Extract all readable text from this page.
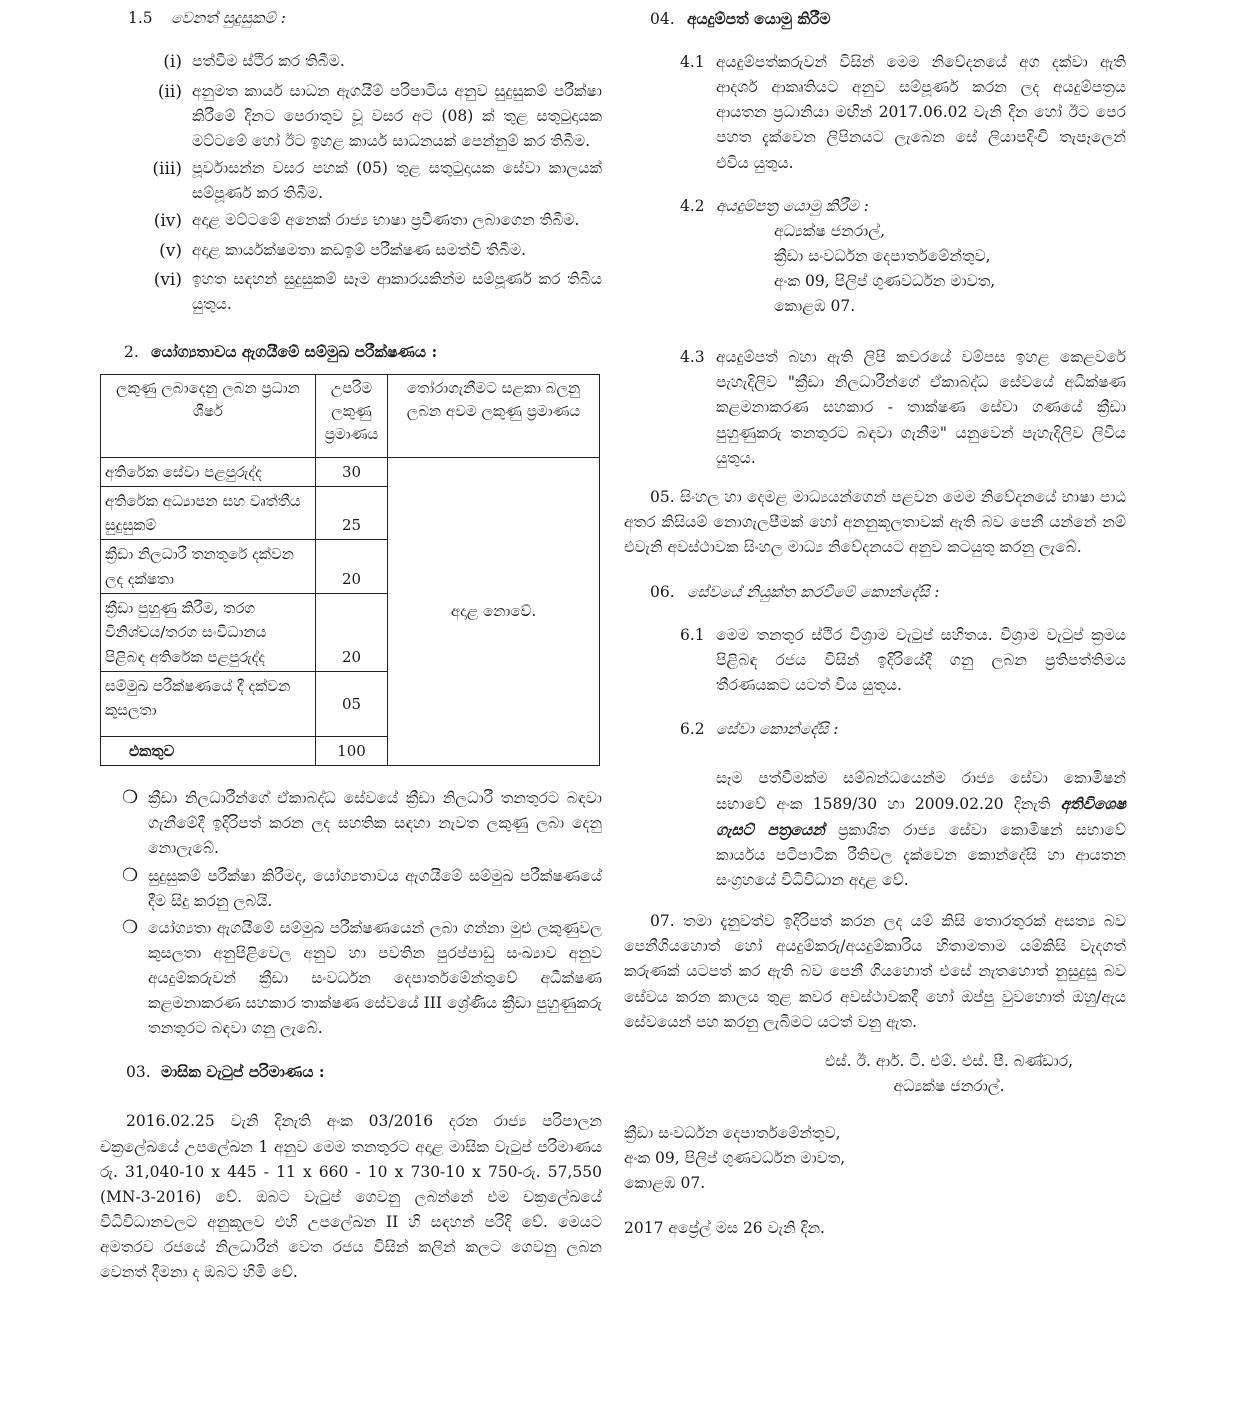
1.5 වෙනත් සුදුසුකම් :

(i) පත්වීම ස්ථිර කර තිබීම.
(ii) අනුමත කාර්ය සාධන ඇගයීම් පරිපාටිය අනුව සුදුසුකම් පරීක්ෂා කිරීමේ දිනට පෙරාතුව වූ වසර අට (08) ක් තුළ සතුටුදායක මට්ටමේ හෝ ඊට ඉහළ කාර්ය සාධනයක් පෙන්නුම් කර තිබීම.
(iii) පූර්වාසන්න වසර පහක් (05) තුළ සතුටුදායක සේවා කාලයක් සම්පූර්ණ කර තිබීම.
(iv) අදාළ මට්ටමේ අනෙක් රාජ්‍ය භාෂා ප්‍රවීණතා ලබාගෙන තිබීම.
(v) අදාළ කාර්යක්ෂමතා කඩඉම් පරීක්ෂණ සමත්වී තිබීම.
(vi) ඉහත සඳහන් සුදුසුකම් සෑම ආකාරයකින්ම සම්පූර්ණ කර තිබිය යුතුය.

2. යෝග්‍යතාවය ඇගයීමේ සම්මුඛ පරීක්ෂණය :

ලකුණු ලබාදෙනු ලබන ප්‍රධාන ශීර්ෂ	උපරිම ලකුණු ප්‍රමාණය	තෝරාගැනීමට සළකා බලනු ලබන අවම ලකුණු ප්‍රමාණය
අතිරේක සේවා පළපුරුද්ද	30	අදාළ නොවේ.
අතිරේක අධ්‍යාපන සහ වෘත්තීය සුදුසුකම්	25	
ක්‍රීඩා නිලධාරී තනතුරේ දක්වන ලද දක්ෂතා	20	
ක්‍රීඩා පුහුණු කිරීම, තරග විනිශ්චය/තරග සංවිධානය පිළිබඳ අතිරේක පළපුරුද්ද	20	
සම්මුඛ පරීක්ෂණයේ දී දක්වන කුසලතා	05	
එකතුව	100	
❍ ක්‍රීඩා නිලධාරීන්ගේ ඒකාබද්ධ සේවයේ ක්‍රීඩා නිලධාරී තනතුරට බඳවා ගැනීමේදී ඉදිරිපත් කරන ලද සහතික සඳහා නැවත ලකුණු ලබා දෙනු නොලැබේ.
❍ සුදුසුකම් පරීක්ෂා කිරීමද, යෝග්‍යතාවය ඇගයීමේ සම්මුඛ පරීක්ෂණයේ දීම සිදු කරනු ලබයි.
❍ යෝග්‍යතා ඇගයීමේ සම්මුඛ පරීක්ෂණයෙන් ලබා ගන්නා මුළු ලකුණුවල කුසලතා අනුපිළිවෙල අනුව හා පවතින පුරප්පාඩු සංඛ්‍යාව අනුව අයදුම්කරුවන් ක්‍රීඩා සංවර්ධන දෙපාර්තමේන්තුවේ අධීක්ෂණ කළමනාකරණ සහකාර තාක්ෂණ සේවයේ III ශ්‍රේණිය ක්‍රීඩා පුහුණුකරු තනතුරට බඳවා ගනු ලැබේ.

03. මාසික වැටුප් පරිමාණය :

2016.02.25 වැනි දිනැති අංක 03/2016 දරන රාජ්‍ය පරිපාලන චක්‍රලේඛයේ උපලේඛන 1 අනුව මෙම තනතුරට අදාළ මාසික වැටුප් පරිමාණය රු. 31,040-10 x 445 - 11 x 660 - 10 x 730-10 x 750-රු. 57,550 (MN-3-2016) වේ. ඔබට වැටුප් ගෙවනු ලබන්නේ එම චක්‍රලේඛයේ විධිවිධානවලට අනුකූලව එහි උපලේඛන II හි සඳහන් පරිදි වේ. මෙයට අමතරව රජයේ නිලධාරීන් වෙත රජය විසින් කලින් කලට ගෙවනු ලබන වෙනත් දීමනා ද ඔබට හිමි වේ.

04. අයදුම්පත් යොමු කිරීම

4.1 අයදුම්පත්කරුවන් විසින් මෙම නිවේදනයේ අග දක්වා ඇති ආදර්ශ ආකෘතියට අනුව සම්පූර්ණ කරන ලද අයදුම්පත්‍රය ආයතන ප්‍රධානියා මඟින් 2017.06.02 වැනි දින හෝ ඊට පෙර පහත දැක්වෙන ලිපිනයට ලැබෙන සේ ලියාපදිංචි තැපෑලෙන් එවිය යුතුය.
4.2 අයදුම්පත්‍ර යොමු කිරීම :
අධ්‍යක්ෂ ජනරාල්,
ක්‍රීඩා සංවර්ධන දෙපාර්තමේන්තුව,
අංක 09, පිලිප් ගුණවර්ධන මාවත,
කොළඹ 07.
4.3 අයදුම්පත් බහා ඇති ලිපි කවරයේ වම්පස ඉහළ කෙළවරේ පැහැදිලිව "ක්‍රීඩා නිලධාරීන්ගේ ඒකාබද්ධ සේවයේ අධීක්ෂණ කළමනාකරණ සහකාර - තාක්ෂණ සේවා ගණයේ ක්‍රීඩා පුහුණුකරු තනතුරට බඳවා ගැනීම" යනුවෙන් පැහැදිලිව ලිවිය යුතුය.

05. සිංහල හා දෙමළ මාධ්‍යයන්ගෙන් පළවන මෙම නිවේදනයේ භාෂා පාඨ අතර කිසියම් නොගැලපීමක් හෝ අනනුකූලතාවක් ඇති බව පෙනී යන්නේ නම් එවැනි අවස්ථාවක සිංහල මාධ්‍ය නිවේදනයට අනුව කටයුතු කරනු ලැබේ.

06. සේවයේ නියුක්ත කරවීමේ කොන්දේසි :

6.1 මෙම තනතුර ස්ථිර විශ්‍රාම වැටුප් සහිතය. විශ්‍රාම වැටුප් ක්‍රමය පිළිබඳ රජය විසින් ඉදිරියේදී ගනු ලබන ප්‍රතිපත්තිමය තීරණයකට යටත් විය යුතුය.
6.2 සේවා කොන්දේසි :

සෑම පත්වීමක්ම සම්බන්ධයෙන්ම රාජ්‍ය සේවා කොමිෂන් සභාවේ අංක 1589/30 හා 2009.02.20 දිනැති අතිවිශෙෂ ගැසට් පත්‍රයෙන් ප්‍රකාශිත රාජ්‍ය සේවා කොමිෂන් සභාවේ කාර්යය පටිපාටික රීතිවල දැක්වෙන කොන්දේසි හා ආයතන සංග්‍රහයේ විධිවිධාන අදාළ වේ.

07. තමා දැනුවත්ව ඉදිරිපත් කරන ලද යම් කිසි තොරතුරක් අසත්‍ය බව පෙනීගියහොත් හෝ අයදුම්කරු/අයදුම්කාරිය හිතාමතාම යම්කිසි වැදගත් කරුණක් යටපත් කර ඇති බව පෙනී ගියහොත් එසේ නැතහොත් නුසුදුසු බව සේවය කරන කාලය තුළ කවර අවස්ථාවකදී හෝ ඔප්පු වුවහොත් ඔහු/ඇය සේවයෙන් පහ කරනු ලැබීමට යටත් වනු ඇත.

එස්. ඊ. ආර්. ටී. එම්. එස්. පී. බණ්ඩාර,
අධ්‍යක්ෂ ජනරාල්.
ක්‍රීඩා සංවර්ධන දෙපාර්තමේන්තුව,
අංක 09, පිලිප් ගුණවර්ධන මාවත,
කොළඹ 07.

2017 අප්‍රේල් මස 26 වැනි දින.
